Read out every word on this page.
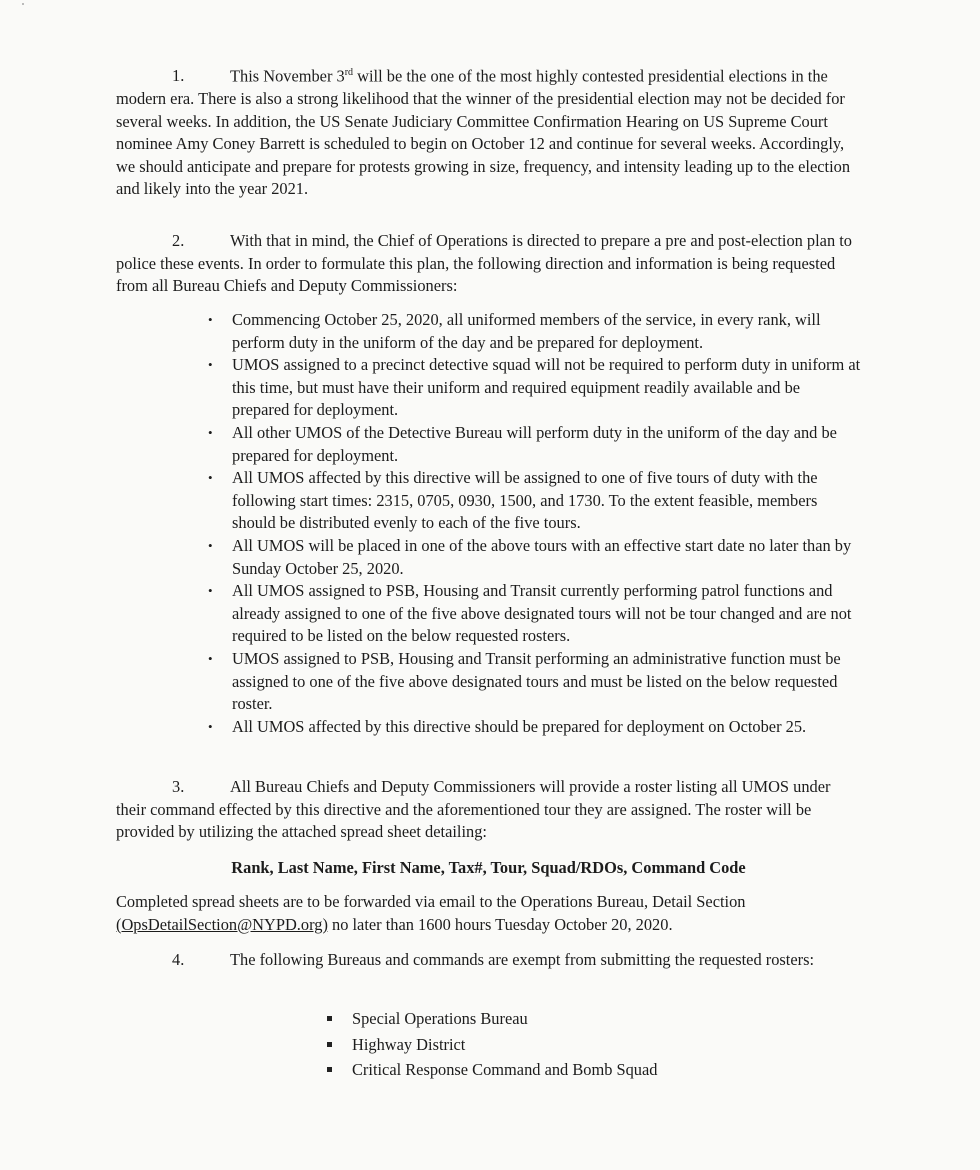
1.	This November 3rd will be the one of the most highly contested presidential elections in the modern era. There is also a strong likelihood that the winner of the presidential election may not be decided for several weeks. In addition, the US Senate Judiciary Committee Confirmation Hearing on US Supreme Court nominee Amy Coney Barrett is scheduled to begin on October 12 and continue for several weeks. Accordingly, we should anticipate and prepare for protests growing in size, frequency, and intensity leading up to the election and likely into the year 2021.

2.	With that in mind, the Chief of Operations is directed to prepare a pre and post-election plan to police these events. In order to formulate this plan, the following direction and information is being requested from all Bureau Chiefs and Deputy Commissioners:

• Commencing October 25, 2020, all uniformed members of the service, in every rank, will perform duty in the uniform of the day and be prepared for deployment.
• UMOS assigned to a precinct detective squad will not be required to perform duty in uniform at this time, but must have their uniform and required equipment readily available and be prepared for deployment.
• All other UMOS of the Detective Bureau will perform duty in the uniform of the day and be prepared for deployment.
• All UMOS affected by this directive will be assigned to one of five tours of duty with the following start times: 2315, 0705, 0930, 1500, and 1730. To the extent feasible, members should be distributed evenly to each of the five tours.
• All UMOS will be placed in one of the above tours with an effective start date no later than by Sunday October 25, 2020.
• All UMOS assigned to PSB, Housing and Transit currently performing patrol functions and already assigned to one of the five above designated tours will not be tour changed and are not required to be listed on the below requested rosters.
• UMOS assigned to PSB, Housing and Transit performing an administrative function must be assigned to one of the five above designated tours and must be listed on the below requested roster.
• All UMOS affected by this directive should be prepared for deployment on October 25.

3.	All Bureau Chiefs and Deputy Commissioners will provide a roster listing all UMOS under their command effected by this directive and the aforementioned tour they are assigned. The roster will be provided by utilizing the attached spread sheet detailing:

Rank, Last Name, First Name, Tax#, Tour, Squad/RDOs, Command Code

Completed spread sheets are to be forwarded via email to the Operations Bureau, Detail Section (OpsDetailSection@NYPD.org) no later than 1600 hours Tuesday October 20, 2020.

4.	The following Bureaus and commands are exempt from submitting the requested rosters:

Special Operations Bureau
Highway District
Critical Response Command and Bomb Squad
